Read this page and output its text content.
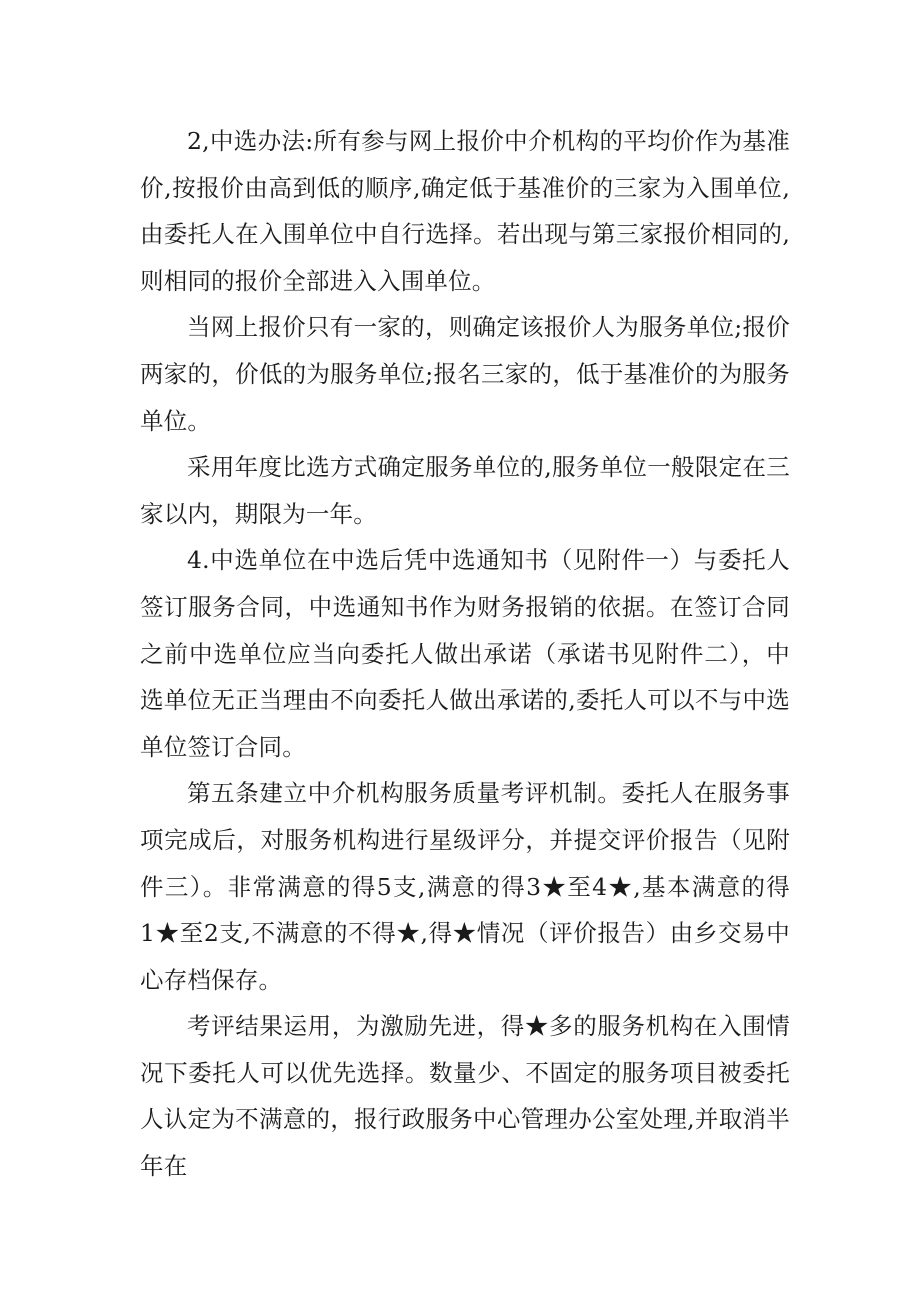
2,中选办法:所有参与网上报价中介机构的平均价作为基准价,按报价由高到低的顺序,确定低于基准价的三家为入围单位,由委托人在入围单位中自行选择。若出现与第三家报价相同的,则相同的报价全部进入入围单位。

当网上报价只有一家的，则确定该报价人为服务单位;报价两家的，价低的为服务单位;报名三家的，低于基准价的为服务单位。

采用年度比选方式确定服务单位的,服务单位一般限定在三家以内，期限为一年。

4.中选单位在中选后凭中选通知书（见附件一）与委托人签订服务合同，中选通知书作为财务报销的依据。在签订合同之前中选单位应当向委托人做出承诺（承诺书见附件二），中选单位无正当理由不向委托人做出承诺的,委托人可以不与中选单位签订合同。

第五条建立中介机构服务质量考评机制。委托人在服务事项完成后，对服务机构进行星级评分，并提交评价报告（见附件三）。非常满意的得5支,满意的得3★至4★,基本满意的得1★至2支,不满意的不得★,得★情况（评价报告）由乡交易中心存档保存。

考评结果运用，为激励先进，得★多的服务机构在入围情况下委托人可以优先选择。数量少、不固定的服务项目被委托人认定为不满意的，报行政服务中心管理办公室处理,并取消半年在
